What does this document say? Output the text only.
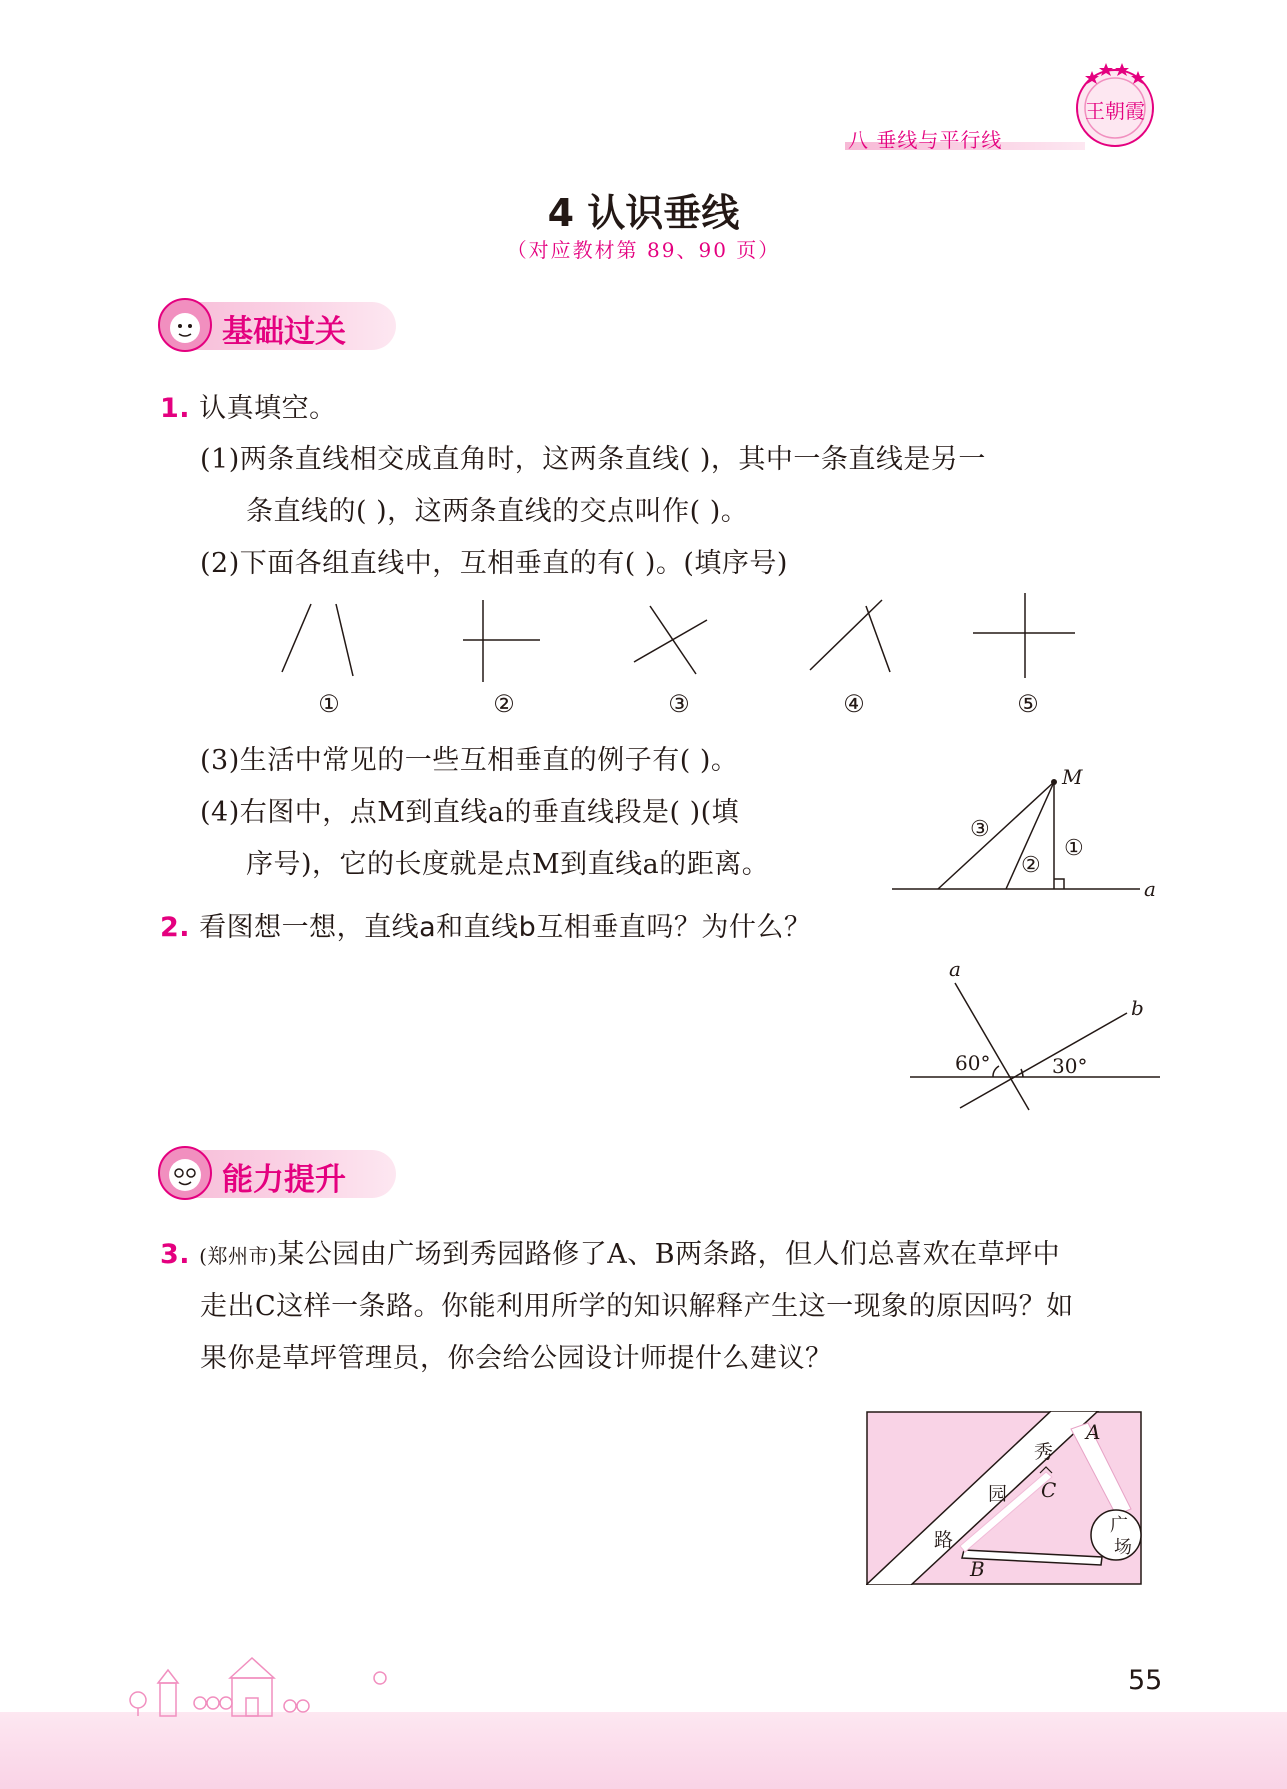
八 垂线与平行线
王朝霞
4 认识垂线
（对应教材第 89、90 页）
基础过关
1. 认真填空。
(1)两条直线相交成直角时，这两条直线( )，其中一条直线是另一
条直线的( )，这两条直线的交点叫作( )。
(2)下面各组直线中，互相垂直的有( )。(填序号)
①	②	③	④	⑤
(3)生活中常见的一些互相垂直的例子有( )。
(4)右图中，点M到直线a的垂直线段是( )(填
序号)，它的长度就是点M到直线a的距离。
M
a
③
②
①
2. 看图想一想，直线a和直线b互相垂直吗？为什么？
a
b
60°	30°
能力提升
3. (郑州市)某公园由广场到秀园路修了A、B两条路，但人们总喜欢在草坪中
走出C这样一条路。你能利用所学的知识解释产生这一现象的原因吗？如
果你是草坪管理员，你会给公园设计师提什么建议？
秀
园
路
A
B
C
广
场
55
